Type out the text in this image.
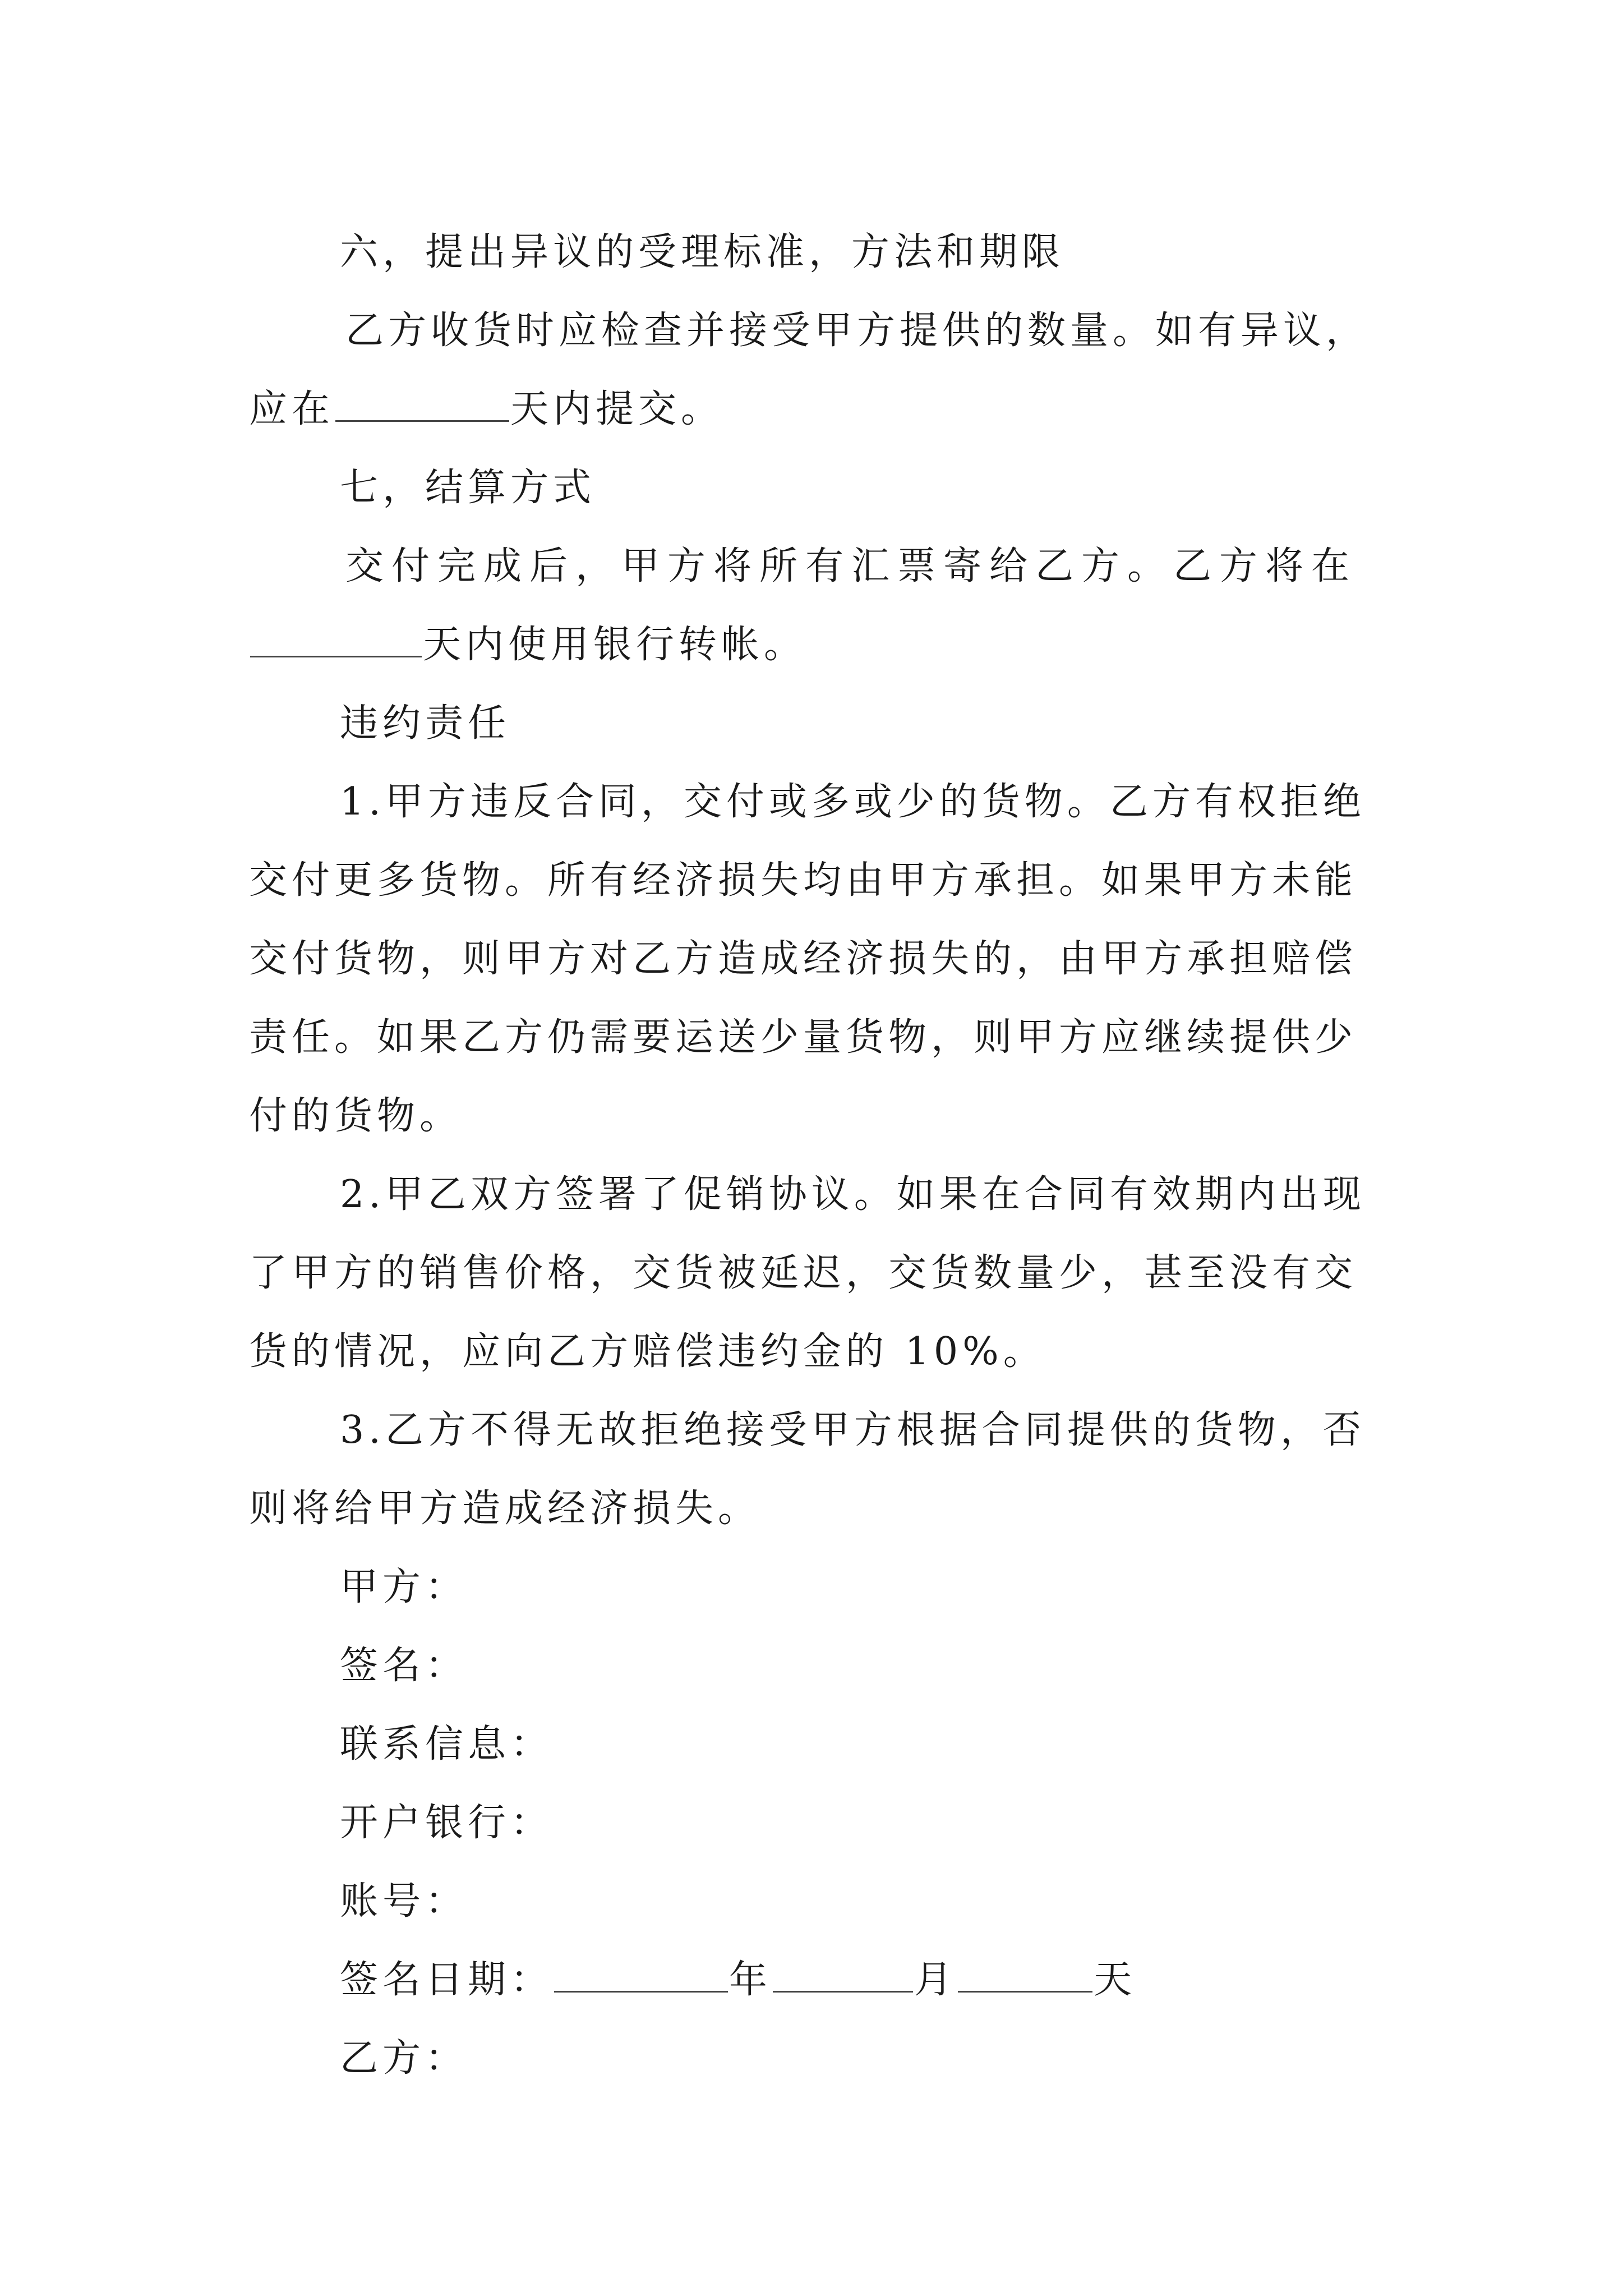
六，提出异议的受理标准，方法和期限
乙方收货时应检查并接受甲方提供的数量。如有异议，
应在	天内提交。
七，结算方式
交付完成后，甲方将所有汇票寄给乙方。乙方将在
天内使用银行转帐。
违约责任
1.甲方违反合同，交付或多或少的货物。乙方有权拒绝
交付更多货物。所有经济损失均由甲方承担。如果甲方未能
交付货物，则甲方对乙方造成经济损失的，由甲方承担赔偿
责任。如果乙方仍需要运送少量货物，则甲方应继续提供少
付的货物。
2.甲乙双方签署了促销协议。如果在合同有效期内出现
了甲方的销售价格，交货被延迟，交货数量少，甚至没有交
货的情况，应向乙方赔偿违约金的 10%。
3.乙方不得无故拒绝接受甲方根据合同提供的货物，否
则将给甲方造成经济损失。
甲方：
签名：
联系信息：
开户银行：
账号：
签名日期：	年	月	天
乙方：
